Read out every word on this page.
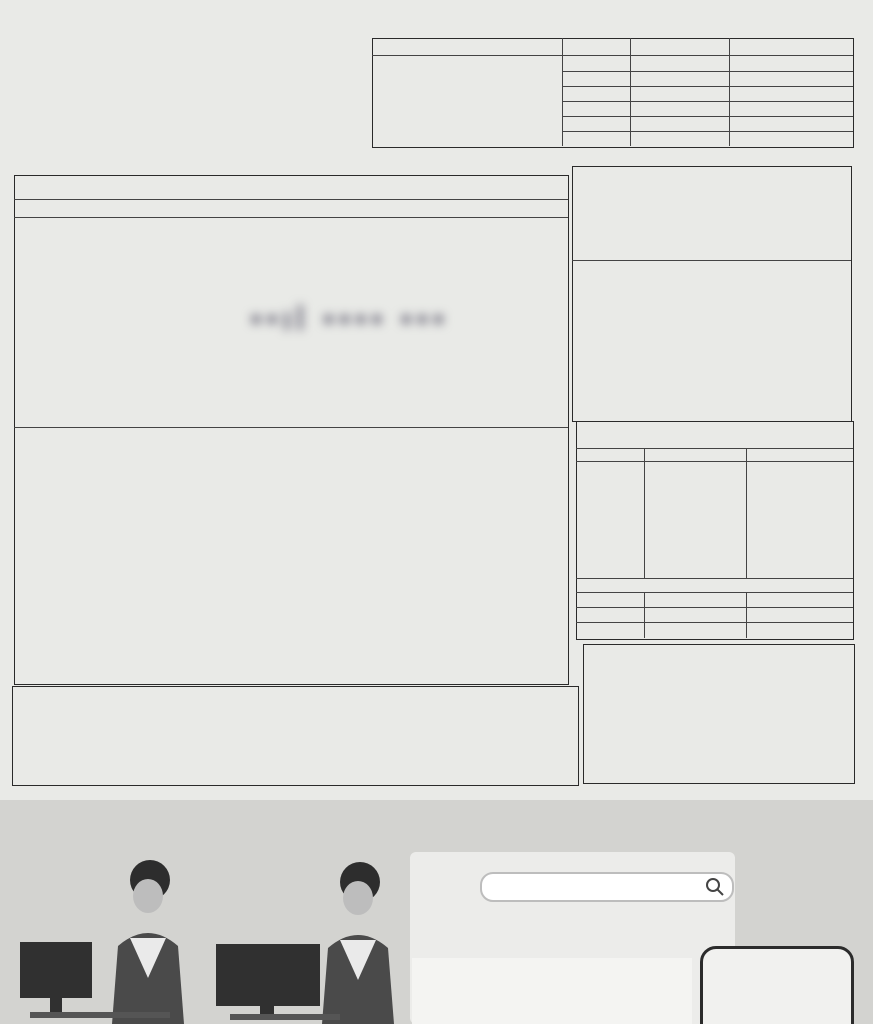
▪▪ıl ▪▪▪▪ ▪▪▪
